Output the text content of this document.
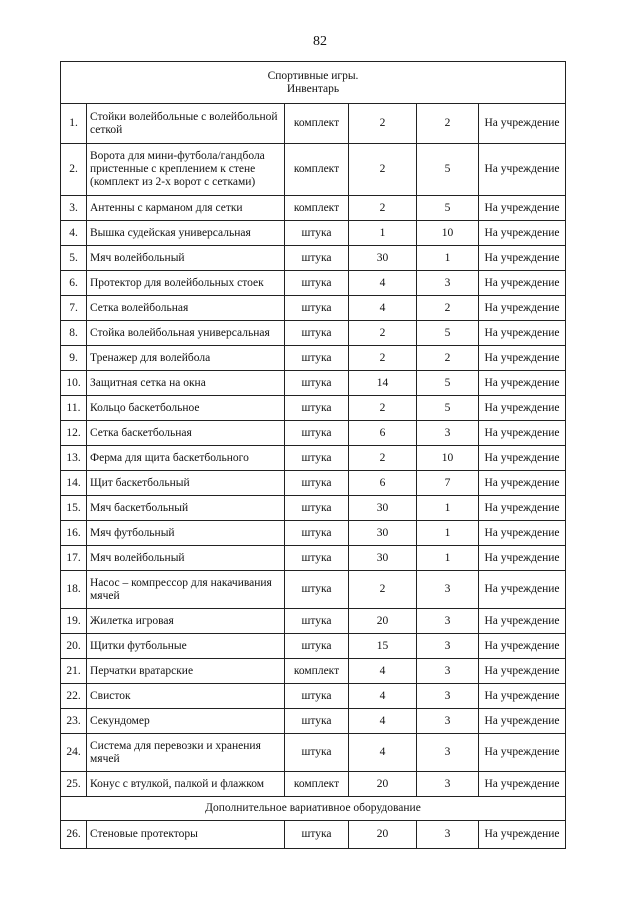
82
Спортивные игры.
Инвентарь					

1.	Стойки волейбольные с волейбольной сеткой	комплект	2	2	На учреждение
2.	Ворота для мини-футбола/гандбола пристенные с креплением к стене (комплект из 2-х ворот с сетками)	комплект	2	5	На учреждение
3.	Антенны с карманом для сетки	комплект	2	5	На учреждение
4.	Вышка судейская универсальная	штука	1	10	На учреждение
5.	Мяч волейбольный	штука	30	1	На учреждение
6.	Протектор для волейбольных стоек	штука	4	3	На учреждение
7.	Сетка волейбольная	штука	4	2	На учреждение
8.	Стойка волейбольная универсальная	штука	2	5	На учреждение
9.	Тренажер для волейбола	штука	2	2	На учреждение
10.	Защитная сетка на окна	штука	14	5	На учреждение
11.	Кольцо баскетбольное	штука	2	5	На учреждение
12.	Сетка баскетбольная	штука	6	3	На учреждение
13.	Ферма для щита баскетбольного	штука	2	10	На учреждение
14.	Щит баскетбольный	штука	6	7	На учреждение
15.	Мяч баскетбольный	штука	30	1	На учреждение
16.	Мяч футбольный	штука	30	1	На учреждение
17.	Мяч волейбольный	штука	30	1	На учреждение
18.	Насос – компрессор для накачивания мячей	штука	2	3	На учреждение
19.	Жилетка игровая	штука	20	3	На учреждение
20.	Щитки футбольные	штука	15	3	На учреждение
21.	Перчатки вратарские	комплект	4	3	На учреждение
22.	Свисток	штука	4	3	На учреждение
23.	Секундомер	штука	4	3	На учреждение
24.	Система для перевозки и хранения мячей	штука	4	3	На учреждение
25.	Конус с втулкой, палкой и флажком	комплект	20	3	На учреждение
Дополнительное вариативное оборудование					
26.	Стеновые протекторы	штука	20	3	На учреждение
